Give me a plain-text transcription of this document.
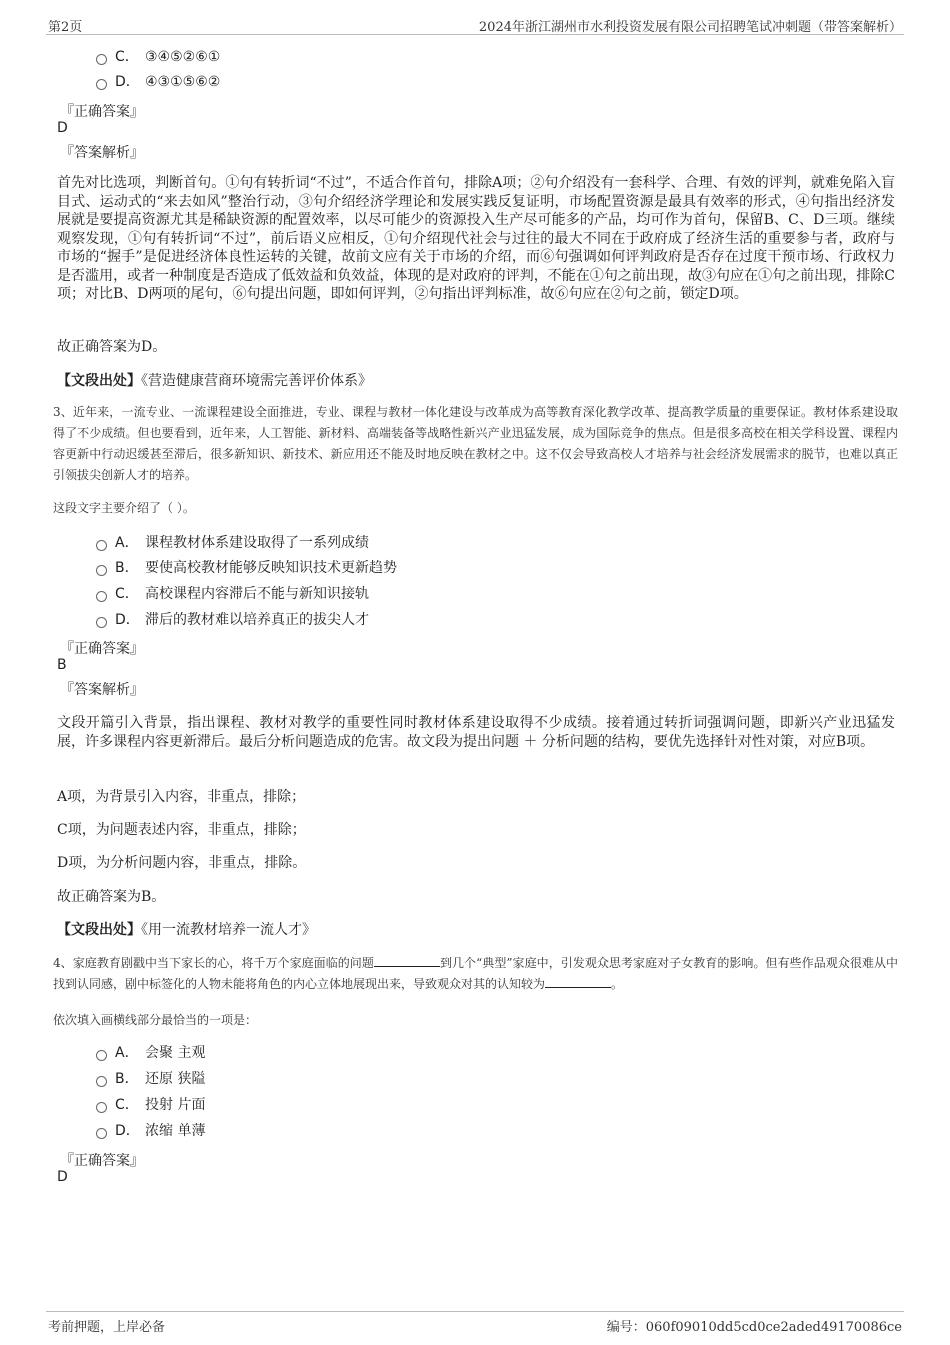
第2页	2024年浙江湖州市水利投资发展有限公司招聘笔试冲刺题（带答案解析）
C． ③④⑤②⑥①
D． ④③①⑤⑥②
『正确答案』
D
『答案解析』
首先对比选项，判断首句。①句有转折词“不过”，不适合作首句，排除A项；②句介绍没有一套科学、合理、有效的评判，就难免陷入盲目式、运动式的“来去如风”整治行动，③句介绍经济学理论和发展实践反复证明，市场配置资源是最具有效率的形式，④句指出经济发展就是要提高资源尤其是稀缺资源的配置效率，以尽可能少的资源投入生产尽可能多的产品，均可作为首句，保留B、C、D三项。继续观察发现，①句有转折词“不过”，前后语义应相反，①句介绍现代社会与过往的最大不同在于政府成了经济生活的重要参与者，政府与市场的“握手”是促进经济体良性运转的关键，故前文应有关于市场的介绍，而⑥句强调如何评判政府是否存在过度干预市场、行政权力是否滥用，或者一种制度是否造成了低效益和负效益，体现的是对政府的评判，不能在①句之前出现，故③句应在①句之前出现，排除C项；对比B、D两项的尾句，⑥句提出问题，即如何评判，②句指出评判标准，故⑥句应在②句之前，锁定D项。
故正确答案为D。
【文段出处】《营造健康营商环境需完善评价体系》
3、近年来，一流专业、一流课程建设全面推进，专业、课程与教材一体化建设与改革成为高等教育深化教学改革、提高教学质量的重要保证。教材体系建设取得了不少成绩。但也要看到，近年来，人工智能、新材料、高端装备等战略性新兴产业迅猛发展，成为国际竞争的焦点。但是很多高校在相关学科设置、课程内容更新中行动迟缓甚至滞后，很多新知识、新技术、新应用还不能及时地反映在教材之中。这不仅会导致高校人才培养与社会经济发展需求的脱节，也难以真正引领拔尖创新人才的培养。
这段文字主要介绍了（ ）。
A． 课程教材体系建设取得了一系列成绩
B． 要使高校教材能够反映知识技术更新趋势
C． 高校课程内容滞后不能与新知识接轨
D． 滞后的教材难以培养真正的拔尖人才
『正确答案』
B
『答案解析』
文段开篇引入背景，指出课程、教材对教学的重要性同时教材体系建设取得不少成绩。接着通过转折词强调问题，即新兴产业迅猛发展，许多课程内容更新滞后。最后分析问题造成的危害。故文段为提出问题 ＋ 分析问题的结构，要优先选择针对性对策，对应B项。
A项，为背景引入内容，非重点，排除；
C项，为问题表述内容，非重点，排除；
D项，为分析问题内容，非重点，排除。
故正确答案为B。
【文段出处】《用一流教材培养一流人才》
4、家庭教育剧戳中当下家长的心，将千万个家庭面临的问题	到几个“典型”家庭中，引发观众思考家庭对子女教育的影响。但有些作品观众很难从中找到认同感，剧中标签化的人物未能将角色的内心立体地展现出来，导致观众对其的认知较为	。
依次填入画横线部分最恰当的一项是：
A． 会聚 主观
B． 还原 狭隘
C． 投射 片面
D． 浓缩 单薄
『正确答案』
D
考前押题，上岸必备	编号：060f09010dd5cd0ce2aded49170086ce
